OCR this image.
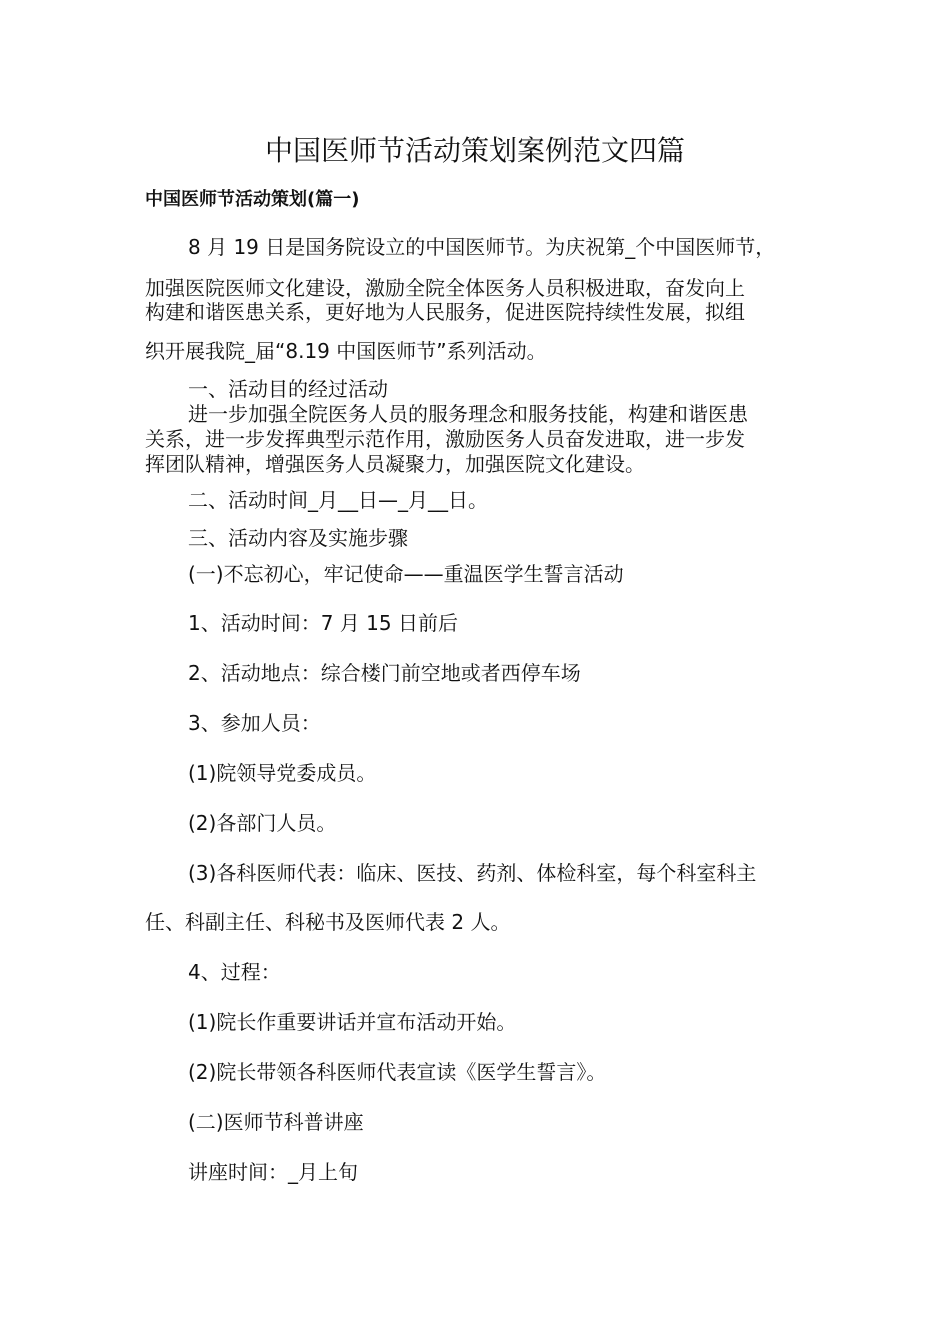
中国医师节活动策划案例范文四篇
中国医师节活动策划(篇一)
8 月 19 日是国务院设立的中国医师节。为庆祝第_个中国医师节，
加强医院医师文化建设，激励全院全体医务人员积极进取，奋发向上
构建和谐医患关系，更好地为人民服务，促进医院持续性发展，拟组
织开展我院_届“8.19 中国医师节”系列活动。
一、活动目的经过活动
进一步加强全院医务人员的服务理念和服务技能，构建和谐医患
关系，进一步发挥典型示范作用，激励医务人员奋发进取，进一步发
挥团队精神，增强医务人员凝聚力，加强医院文化建设。
二、活动时间_月__日—_月__日。
三、活动内容及实施步骤
(一)不忘初心，牢记使命——重温医学生誓言活动
1、活动时间：7 月 15 日前后
2、活动地点：综合楼门前空地或者西停车场
3、参加人员：
(1)院领导党委成员。
(2)各部门人员。
(3)各科医师代表：临床、医技、药剂、体检科室，每个科室科主
任、科副主任、科秘书及医师代表 2 人。
4、过程：
(1)院长作重要讲话并宣布活动开始。
(2)院长带领各科医师代表宣读《医学生誓言》。
(二)医师节科普讲座
讲座时间：_月上旬
